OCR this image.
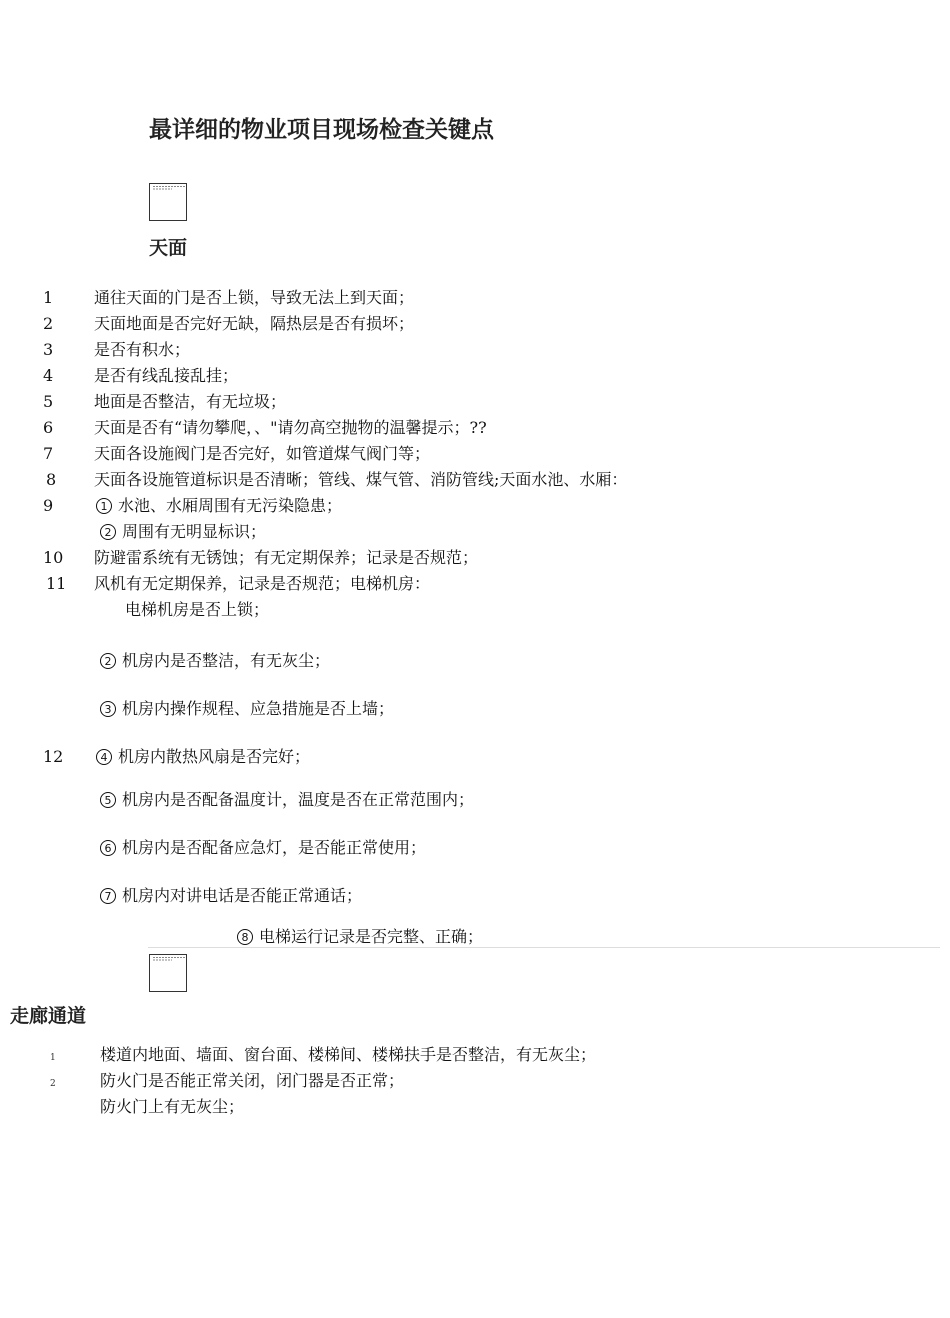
最详细的物业项目现场检查关键点
天面
1	通往天面的门是否上锁，导致无法上到天面；
2	天面地面是否完好无缺，隔热层是否有损坏；
3	是否有积水；
4	是否有线乱接乱挂；
5	地面是否整洁，有无垃圾；
6	天面是否有“请勿攀爬，、"请勿高空抛物的温馨提示；??
7	天面各设施阀门是否完好，如管道煤气阀门等；
8 天面各设施管道标识是否清晰；管线、煤气管、消防管线;天面水池、水厢：
9	1 水池、水厢周围有无污染隐患；
2 周围有无明显标识；
10 防避雷系统有无锈蚀；有无定期保养；记录是否规范；
11 风机有无定期保养，记录是否规范；电梯机房：
电梯机房是否上锁；
2 机房内是否整洁，有无灰尘；
3 机房内操作规程、应急措施是否上墙；
12	4 机房内散热风扇是否完好；
5 机房内是否配备温度计，温度是否在正常范围内；
6 机房内是否配备应急灯，是否能正常使用；
7 机房内对讲电话是否能正常通话；
8 电梯运行记录是否完整、正确；
走廊通道
1	楼道内地面、墙面、窗台面、楼梯间、楼梯扶手是否整洁，有无灰尘；
2	防火门是否能正常关闭，闭门器是否正常；
防火门上有无灰尘；
